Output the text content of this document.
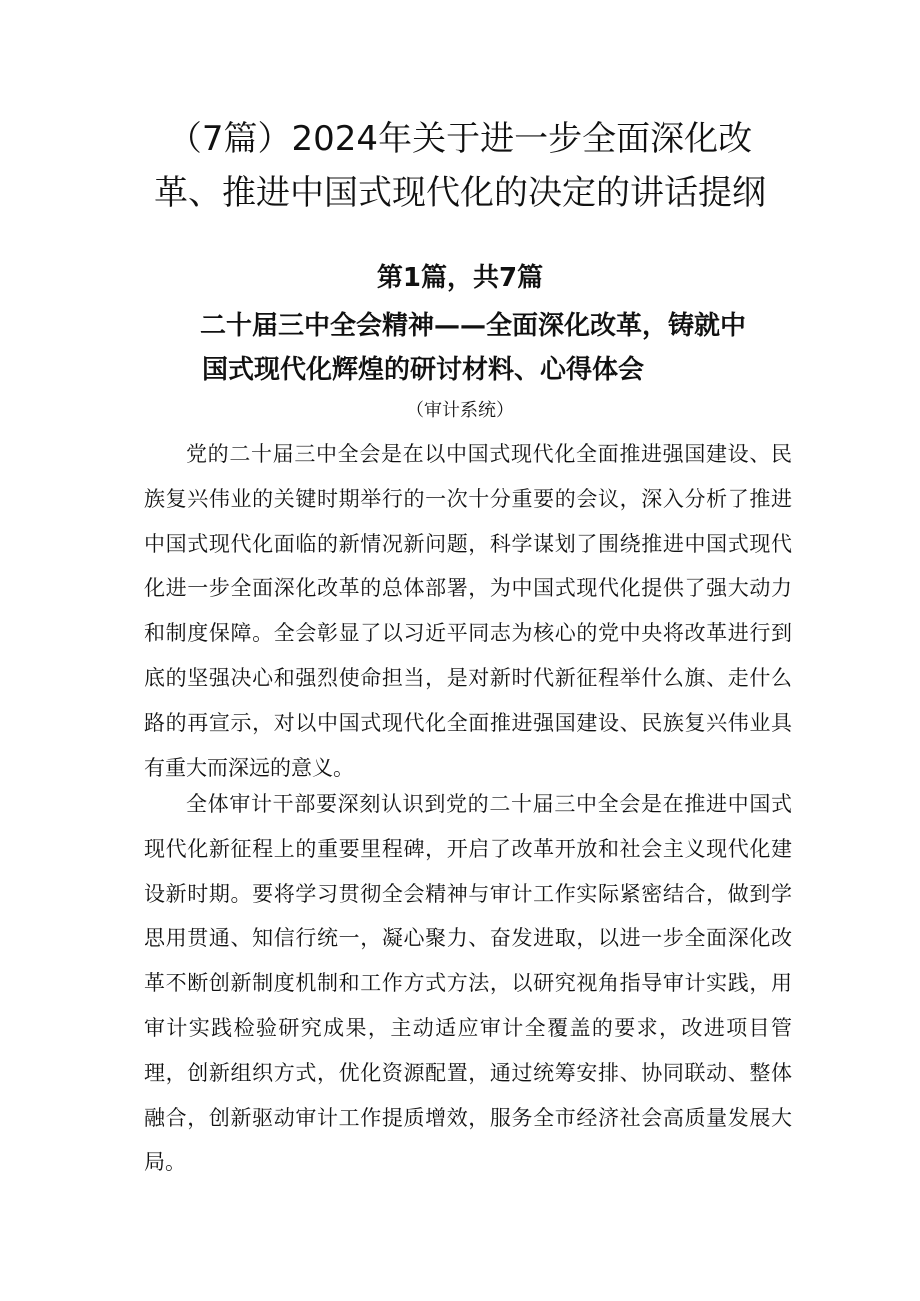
（7篇）2024年关于进一步全面深化改
革、推进中国式现代化的决定的讲话提纲
第1篇，共7篇
二十届三中全会精神——全面深化改革，铸就中
国式现代化辉煌的研讨材料、心得体会

（审计系统）

党的二十届三中全会是在以中国式现代化全面推进强国建设、民族复兴伟业的关键时期举行的一次十分重要的会议，深入分析了推进中国式现代化面临的新情况新问题，科学谋划了围绕推进中国式现代化进一步全面深化改革的总体部署，为中国式现代化提供了强大动力和制度保障。全会彰显了以习近平同志为核心的党中央将改革进行到底的坚强决心和强烈使命担当，是对新时代新征程举什么旗、走什么路的再宣示，对以中国式现代化全面推进强国建设、民族复兴伟业具有重大而深远的意义。

全体审计干部要深刻认识到党的二十届三中全会是在推进中国式现代化新征程上的重要里程碑，开启了改革开放和社会主义现代化建设新时期。要将学习贯彻全会精神与审计工作实际紧密结合，做到学思用贯通、知信行统一，凝心聚力、奋发进取，以进一步全面深化改革不断创新制度机制和工作方式方法，以研究视角指导审计实践，用审计实践检验研究成果，主动适应审计全覆盖的要求，改进项目管理，创新组织方式，优化资源配置，通过统筹安排、协同联动、整体融合，创新驱动审计工作提质增效，服务全市经济社会高质量发展大局。
